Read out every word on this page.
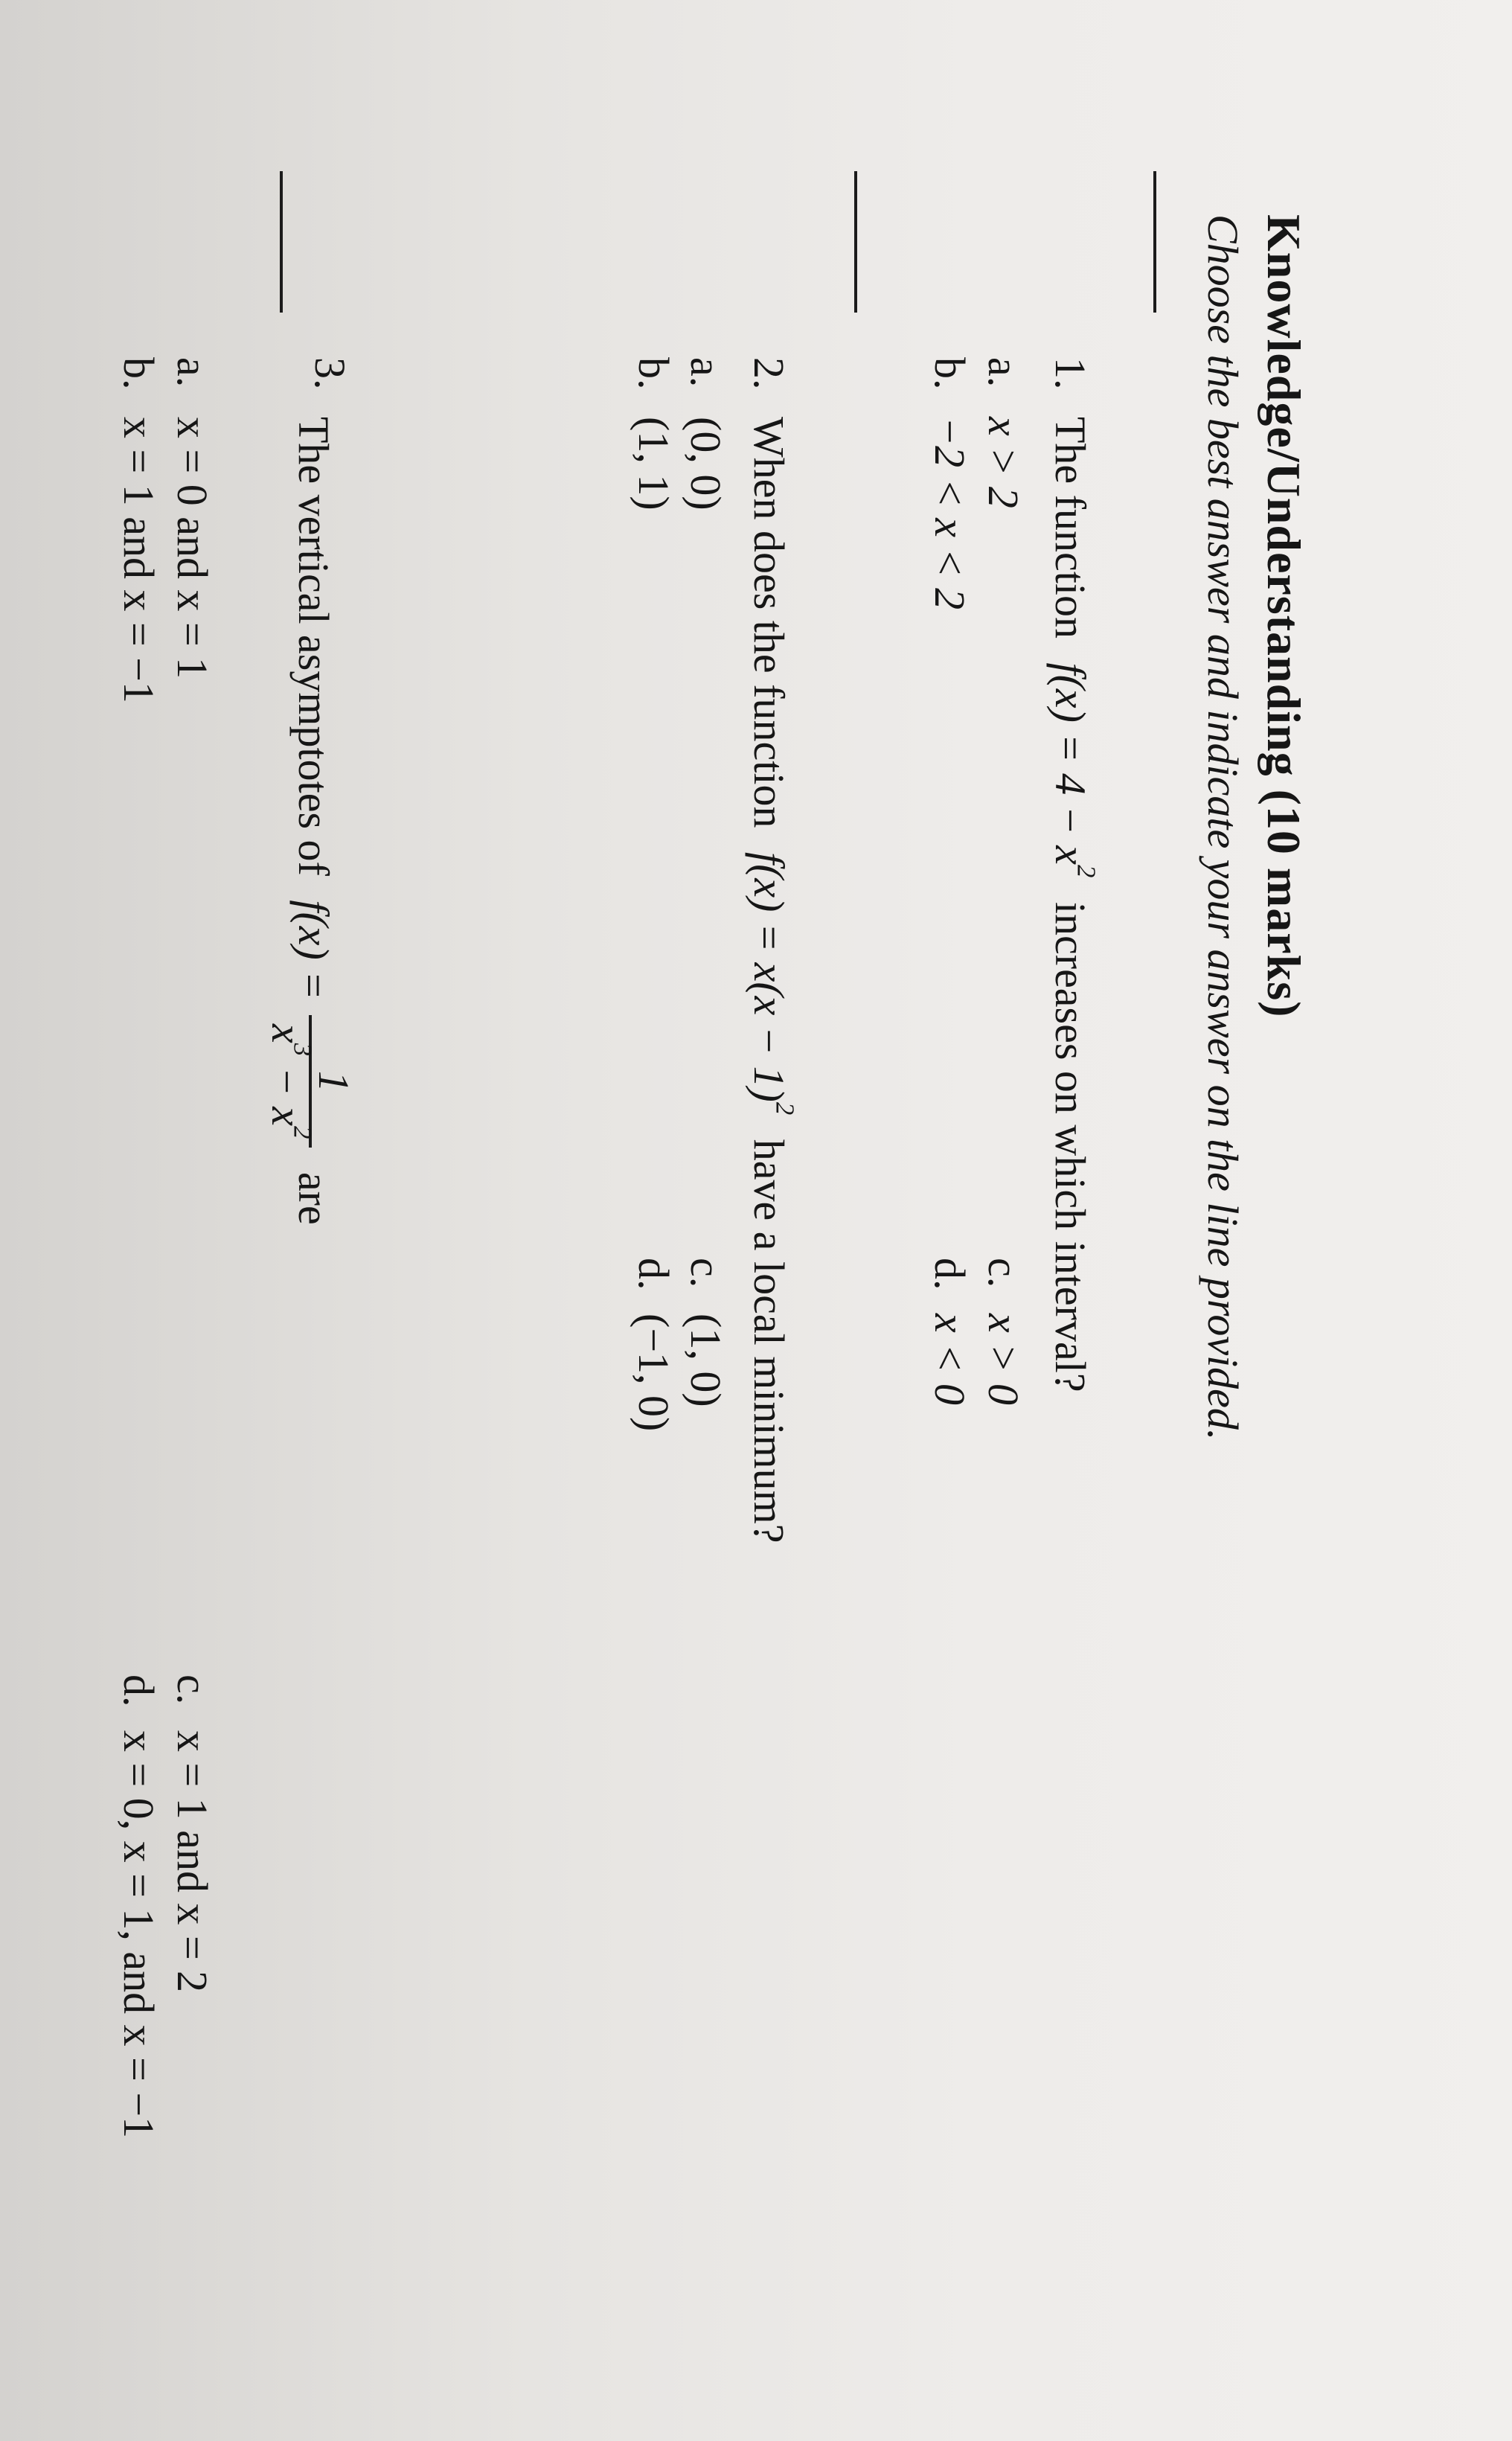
Knowledge/Understanding (10 marks)
Choose the best answer and indicate your answer on the line provided.
1.
The function $f(x) = 4 - x^2$ increases on which interval?
a.
x > 2
b.
−2 < x < 2
c.
x > 0
d.
x < 0
2.
When does the function $f(x) = x(x - 1)^2$ have a local minimum?
a.
(0, 0)
b.
(1, 1)
c.
(1, 0)
d.
(−1, 0)
3.
The vertical asymptotes of f(x) =
1
$x^3 - x^2$
are
a.
x = 0 and x = 1
b.
x = 1 and x = −1
c.
x = 1 and x = 2
d.
x = 0, x = 1, and x = −1
